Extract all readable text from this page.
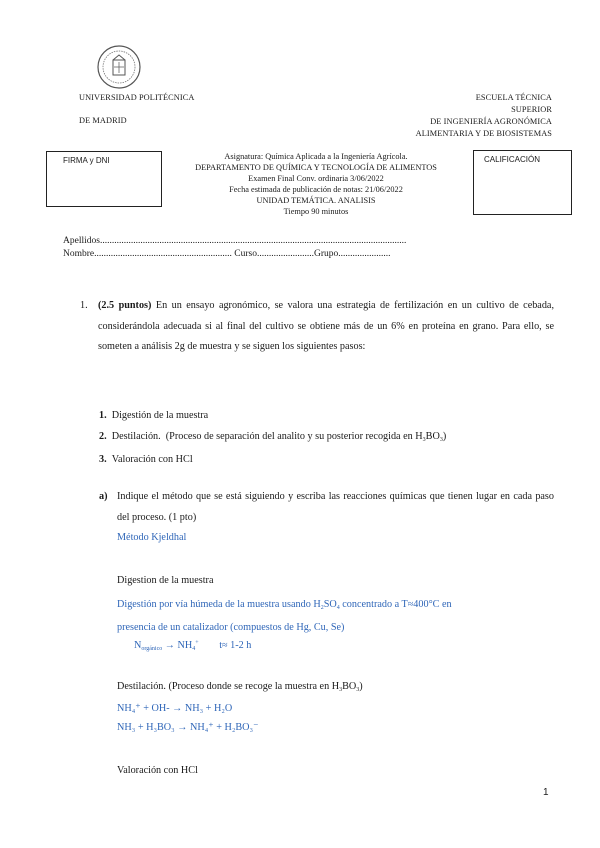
UNIVERSIDAD POLITÉCNICA
DE MADRID
ESCUELA TÉCNICA
SUPERIOR
DE INGENIERÍA AGRONÓMICA
ALIMENTARIA Y DE BIOSISTEMAS
FIRMA y DNI	CALIFICACIÓN
Asignatura: Química Aplicada a la Ingeniería Agrícola.
DEPARTAMENTO DE QUÍMICA Y TECNOLOGÍA DE ALIMENTOS
Examen Final Conv. ordinaria 3/06/2022
Fecha estimada de publicación de notas: 21/06/2022
UNIDAD TEMÁTICA. ANALISIS
Tiempo 90 minutos
Apellidos.................................................................................................................................
Nombre.......................................................... Curso........................Grupo......................
1. (2.5 puntos) En un ensayo agronómico, se valora una estrategia de fertilización en un cultivo de cebada, considerándola adecuada si al final del cultivo se obtiene más de un 6% en proteína en grano. Para ello, se someten a análisis 2g de muestra y se siguen los siguientes pasos:
1. Digestión de la muestra
2. Destilación. (Proceso de separación del analito y su posterior recogida en $H_3BO_3$)
3. Valoración con HCl
a) Indique el método que se está siguiendo y escriba las reacciones químicas que tienen lugar en cada paso del proceso. (1 pto)
Método Kjeldhal
Digestion de la muestra
Digestión por vía húmeda de la muestra usando $H_2SO_4$ concentrado a T≈400°C en
presencia de un catalizador (compuestos de Hg, Cu, Se)
$N_{orgánico} \to NH_4^+$ t≈ 1-2 h
Destilación. (Proceso donde se recoge la muestra en $H_3BO_3$)
NH₄⁺ + OH- → NH₃ + H₂O
NH₃ + H₃BO₃ → NH₄⁺ + H₂BO₃⁻
Valoración con HCl
1
